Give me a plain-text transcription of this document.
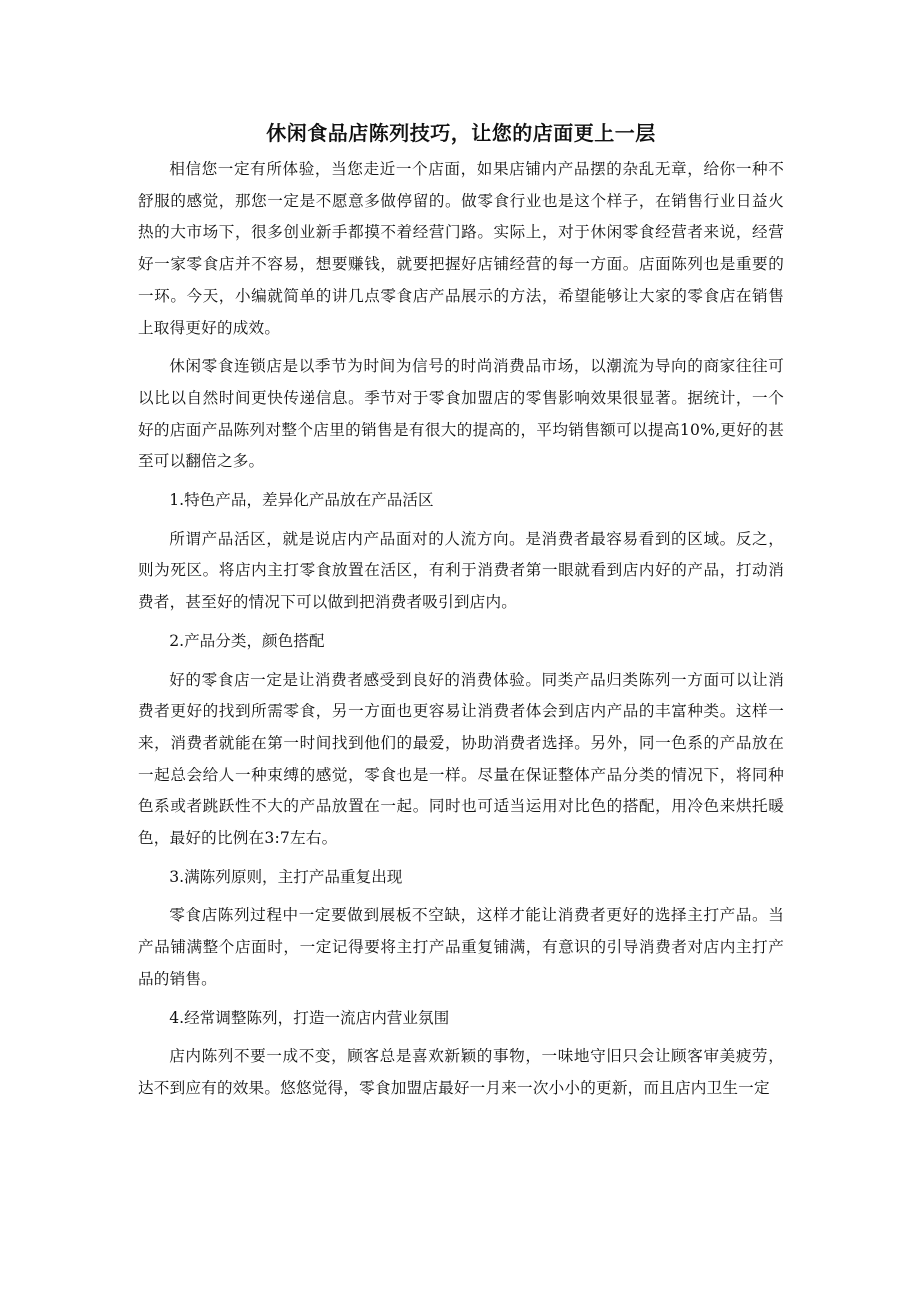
休闲食品店陈列技巧，让您的店面更上一层

相信您一定有所体验，当您走近一个店面，如果店铺内产品摆的杂乱无章，给你一种不舒服的感觉，那您一定是不愿意多做停留的。做零食行业也是这个样子，在销售行业日益火热的大市场下，很多创业新手都摸不着经营门路。实际上，对于休闲零食经营者来说，经营好一家零食店并不容易，想要赚钱，就要把握好店铺经营的每一方面。店面陈列也是重要的一环。今天，小编就简单的讲几点零食店产品展示的方法，希望能够让大家的零食店在销售上取得更好的成效。

休闲零食连锁店是以季节为时间为信号的时尚消费品市场，以潮流为导向的商家往往可以比以自然时间更快传递信息。季节对于零食加盟店的零售影响效果很显著。据统计，一个好的店面产品陈列对整个店里的销售是有很大的提高的，平均销售额可以提高10%,更好的甚至可以翻倍之多。

1.特色产品，差异化产品放在产品活区

所谓产品活区，就是说店内产品面对的人流方向。是消费者最容易看到的区域。反之，则为死区。将店内主打零食放置在活区，有利于消费者第一眼就看到店内好的产品，打动消费者，甚至好的情况下可以做到把消费者吸引到店内。

2.产品分类，颜色搭配

好的零食店一定是让消费者感受到良好的消费体验。同类产品归类陈列一方面可以让消费者更好的找到所需零食，另一方面也更容易让消费者体会到店内产品的丰富种类。这样一来，消费者就能在第一时间找到他们的最爱，协助消费者选择。另外，同一色系的产品放在一起总会给人一种束缚的感觉，零食也是一样。尽量在保证整体产品分类的情况下，将同种色系或者跳跃性不大的产品放置在一起。同时也可适当运用对比色的搭配，用冷色来烘托暖色，最好的比例在3:7左右。

3.满陈列原则，主打产品重复出现

零食店陈列过程中一定要做到展板不空缺，这样才能让消费者更好的选择主打产品。当产品铺满整个店面时，一定记得要将主打产品重复铺满，有意识的引导消费者对店内主打产品的销售。

4.经常调整陈列，打造一流店内营业氛围

店内陈列不要一成不变，顾客总是喜欢新颖的事物，一味地守旧只会让顾客审美疲劳，达不到应有的效果。悠悠觉得，零食加盟店最好一月来一次小小的更新，而且店内卫生一定
